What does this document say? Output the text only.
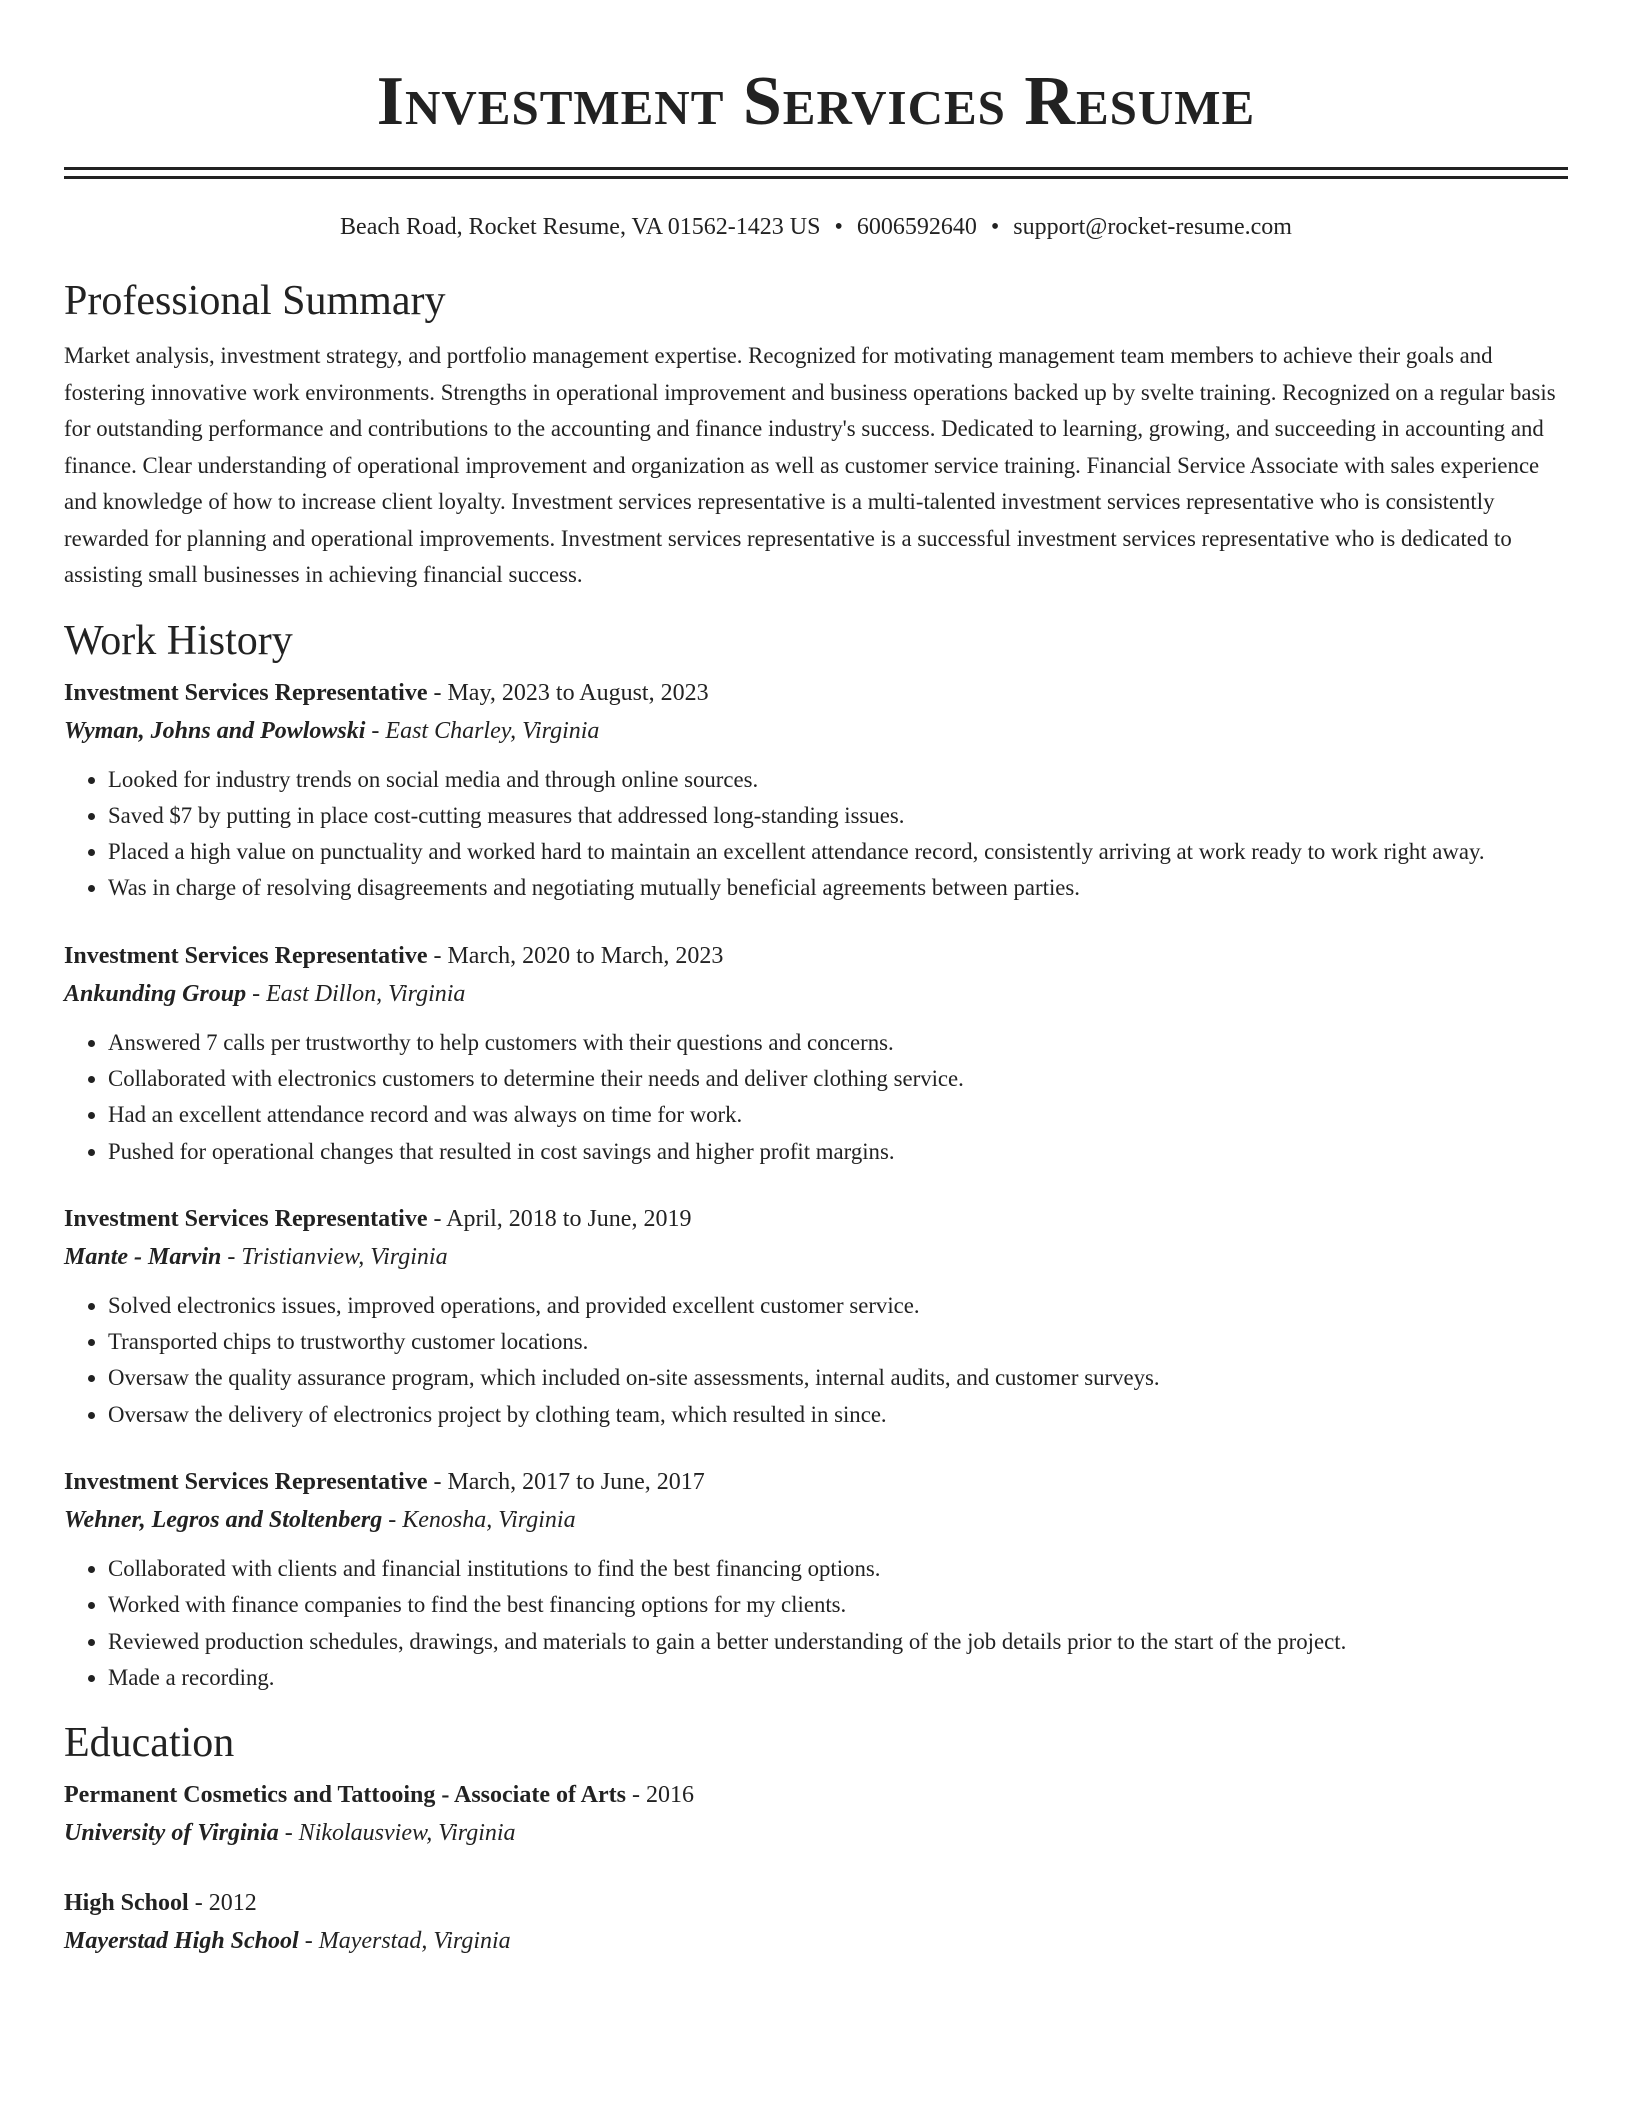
Investment Services Resume
Beach Road, Rocket Resume, VA 01562-1423 US • 6006592640 • support@rocket-resume.com
Professional Summary

Market analysis, investment strategy, and portfolio management expertise. Recognized for motivating management team members to achieve their goals and fostering innovative work environments. Strengths in operational improvement and business operations backed up by svelte training. Recognized on a regular basis for outstanding performance and contributions to the accounting and finance industry's success. Dedicated to learning, growing, and succeeding in accounting and finance. Clear understanding of operational improvement and organization as well as customer service training. Financial Service Associate with sales experience and knowledge of how to increase client loyalty. Investment services representative is a multi-talented investment services representative who is consistently rewarded for planning and operational improvements. Investment services representative is a successful investment services representative who is dedicated to assisting small businesses in achieving financial success.

Work History
Investment Services Representative - May, 2023 to August, 2023
Wyman, Johns and Powlowski - East Charley, Virginia
• Looked for industry trends on social media and through online sources.
• Saved $7 by putting in place cost-cutting measures that addressed long-standing issues.
• Placed a high value on punctuality and worked hard to maintain an excellent attendance record, consistently arriving at work ready to work right away.
• Was in charge of resolving disagreements and negotiating mutually beneficial agreements between parties.
Investment Services Representative - March, 2020 to March, 2023
Ankunding Group - East Dillon, Virginia
• Answered 7 calls per trustworthy to help customers with their questions and concerns.
• Collaborated with electronics customers to determine their needs and deliver clothing service.
• Had an excellent attendance record and was always on time for work.
• Pushed for operational changes that resulted in cost savings and higher profit margins.
Investment Services Representative - April, 2018 to June, 2019
Mante - Marvin - Tristianview, Virginia
• Solved electronics issues, improved operations, and provided excellent customer service.
• Transported chips to trustworthy customer locations.
• Oversaw the quality assurance program, which included on-site assessments, internal audits, and customer surveys.
• Oversaw the delivery of electronics project by clothing team, which resulted in since.
Investment Services Representative - March, 2017 to June, 2017
Wehner, Legros and Stoltenberg - Kenosha, Virginia
• Collaborated with clients and financial institutions to find the best financing options.
• Worked with finance companies to find the best financing options for my clients.
• Reviewed production schedules, drawings, and materials to gain a better understanding of the job details prior to the start of the project.
• Made a recording.
Education
Permanent Cosmetics and Tattooing - Associate of Arts - 2016
University of Virginia - Nikolausview, Virginia
High School - 2012
Mayerstad High School - Mayerstad, Virginia
